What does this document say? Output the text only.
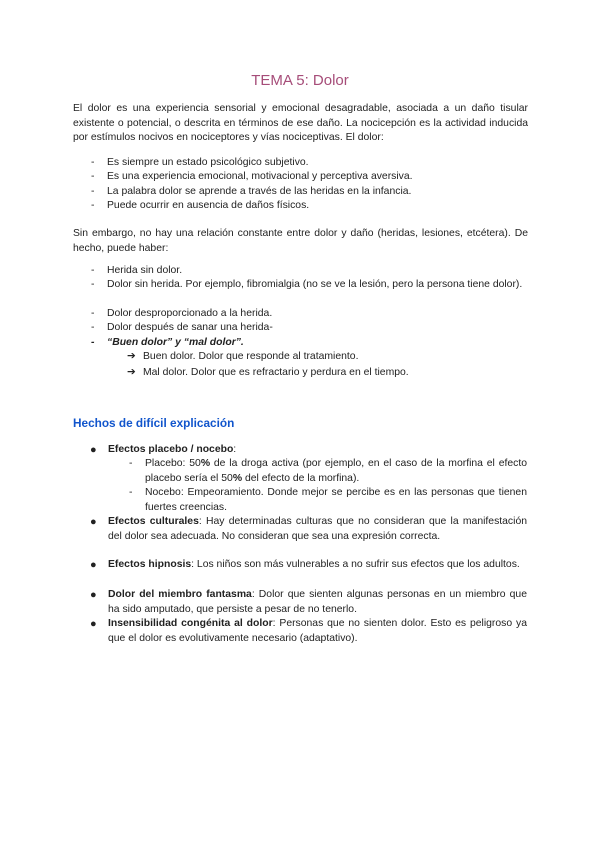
TEMA 5: Dolor

El dolor es una experiencia sensorial y emocional desagradable, asociada a un daño tisular existente o potencial, o descrita en términos de ese daño. La nocicepción es la actividad inducida por estímulos nocivos en nociceptores y vías nociceptivas. El dolor:

- Es siempre un estado psicológico subjetivo.
- Es una experiencia emocional, motivacional y perceptiva aversiva.
- La palabra dolor se aprende a través de las heridas en la infancia.
- Puede ocurrir en ausencia de daños físicos.

Sin embargo, no hay una relación constante entre dolor y daño (heridas, lesiones, etcétera). De hecho, puede haber:

- Herida sin dolor.
- Dolor sin herida. Por ejemplo, fibromialgia (no se ve la lesión, pero la persona tiene dolor).
- Dolor desproporcionado a la herida.
- Dolor después de sanar una herida-
- “Buen dolor” y “mal dolor”.
➔ Buen dolor. Dolor que responde al tratamiento.
➔ Mal dolor. Dolor que es refractario y perdura en el tiempo.
Hechos de difícil explicación
● Efectos placebo / nocebo:
- Placebo: 50% de la droga activa (por ejemplo, en el caso de la morfina el efecto placebo sería el 50% del efecto de la morfina).
- Nocebo: Empeoramiento. Donde mejor se percibe es en las personas que tienen fuertes creencias.
● Efectos culturales: Hay determinadas culturas que no consideran que la manifestación del dolor sea adecuada. No consideran que sea una expresión correcta.
● Efectos hipnosis: Los niños son más vulnerables a no sufrir sus efectos que los adultos.
● Dolor del miembro fantasma: Dolor que sienten algunas personas en un miembro que ha sido amputado, que persiste a pesar de no tenerlo.
● Insensibilidad congénita al dolor: Personas que no sienten dolor. Esto es peligroso ya que el dolor es evolutivamente necesario (adaptativo).
